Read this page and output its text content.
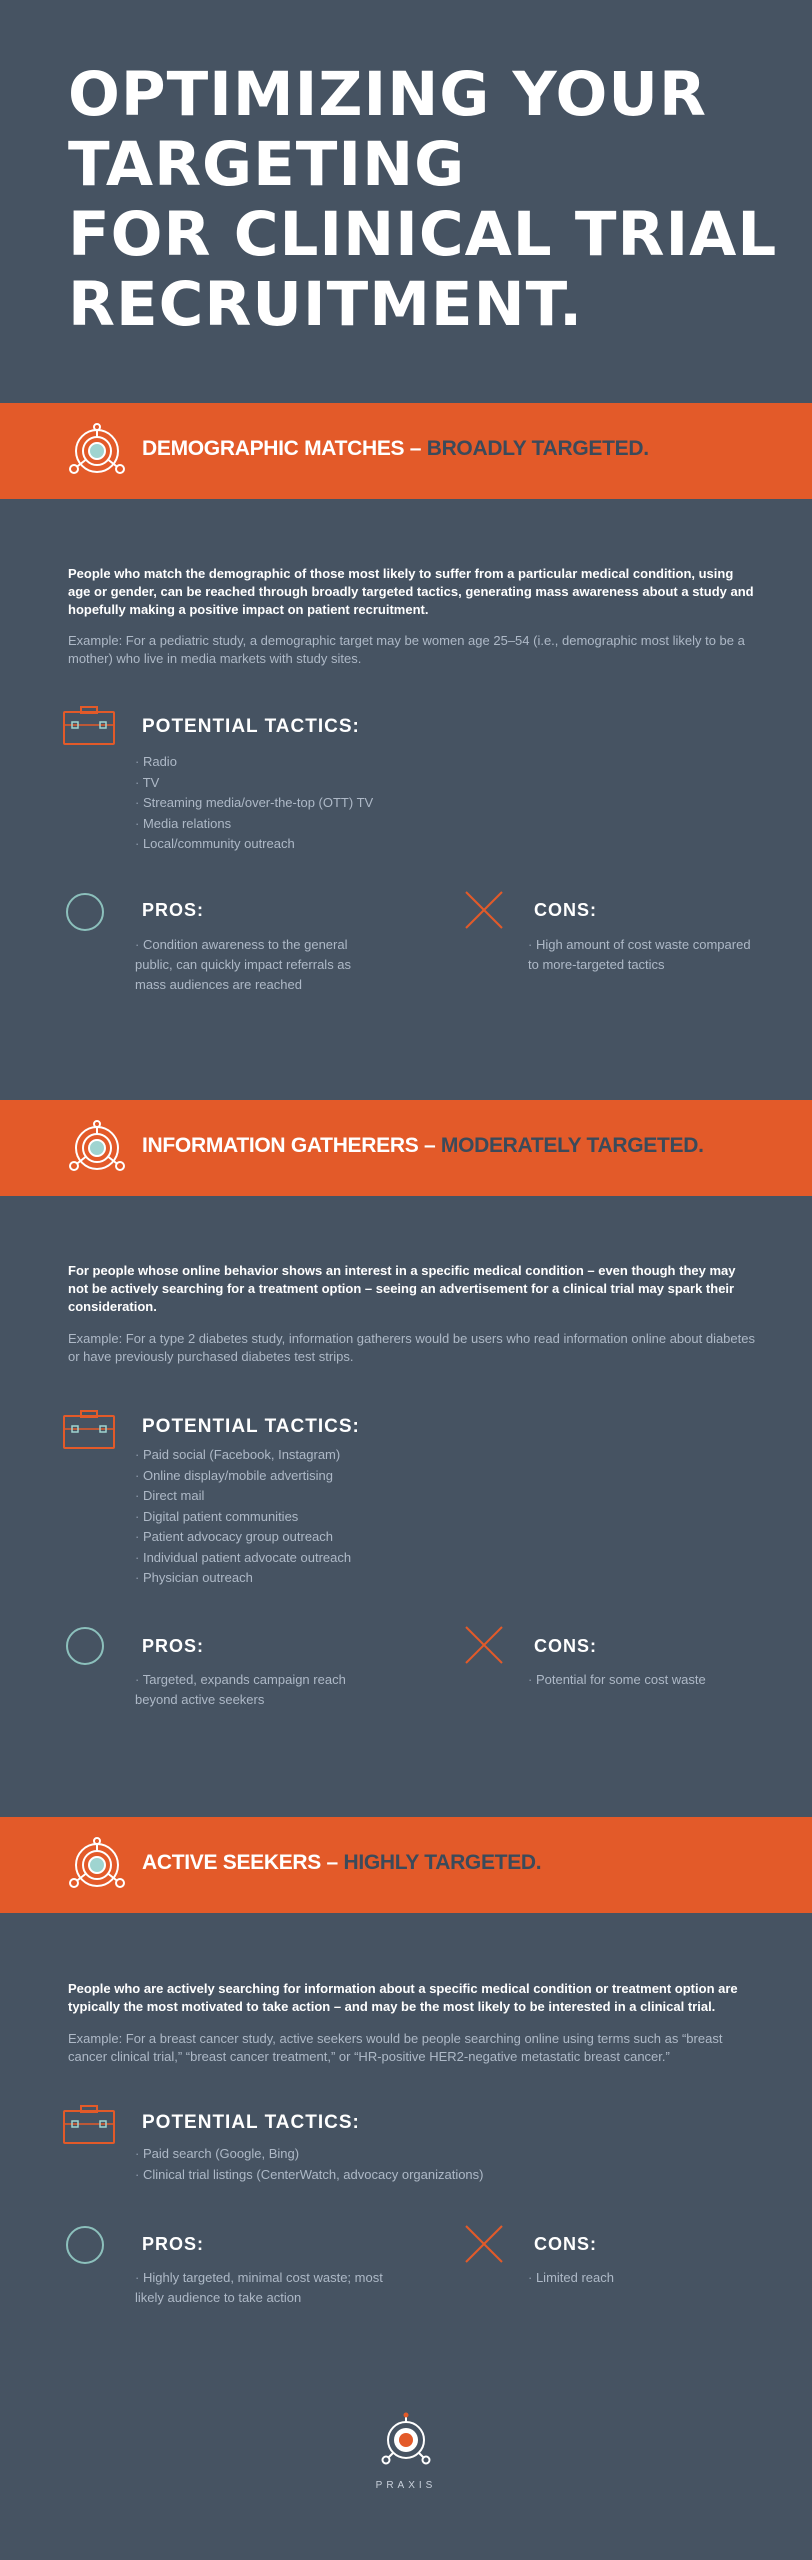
OPTIMIZING YOUR
TARGETING
FOR CLINICAL TRIAL
RECRUITMENT.
DEMOGRAPHIC MATCHES – BROADLY TARGETED.

People who match the demographic of those most likely to suffer from a particular medical condition, using age or gender, can be reached through broadly targeted tactics, generating mass awareness about a study and hopefully making a positive impact on patient recruitment.

Example: For a pediatric study, a demographic target may be women age 25–54 (i.e., demographic most likely to be a mother) who live in media markets with study sites.

POTENTIAL TACTICS:
· Radio
· TV
· Streaming media/over-the-top (OTT) TV
· Media relations
· Local/community outreach
PROS:

· Condition awareness to the general public, can quickly impact referrals as mass audiences are reached

CONS:

· High amount of cost waste compared to more-targeted tactics

INFORMATION GATHERERS – MODERATELY TARGETED.

For people whose online behavior shows an interest in a specific medical condition – even though they may not be actively searching for a treatment option – seeing an advertisement for a clinical trial may spark their consideration.

Example: For a type 2 diabetes study, information gatherers would be users who read information online about diabetes or have previously purchased diabetes test strips.

POTENTIAL TACTICS:
· Paid social (Facebook, Instagram)
· Online display/mobile advertising
· Direct mail
· Digital patient communities
· Patient advocacy group outreach
· Individual patient advocate outreach
· Physician outreach
PROS:

· Targeted, expands campaign reach beyond active seekers

CONS:

· Potential for some cost waste

ACTIVE SEEKERS – HIGHLY TARGETED.

People who are actively searching for information about a specific medical condition or treatment option are typically the most motivated to take action – and may be the most likely to be interested in a clinical trial.

Example: For a breast cancer study, active seekers would be people searching online using terms such as “breast cancer clinical trial,” “breast cancer treatment,” or “HR-positive HER2-negative metastatic breast cancer.”

POTENTIAL TACTICS:
· Paid search (Google, Bing)
· Clinical trial listings (CenterWatch, advocacy organizations)
PROS:

· Highly targeted, minimal cost waste; most likely audience to take action

CONS:

· Limited reach

PRAXIS
